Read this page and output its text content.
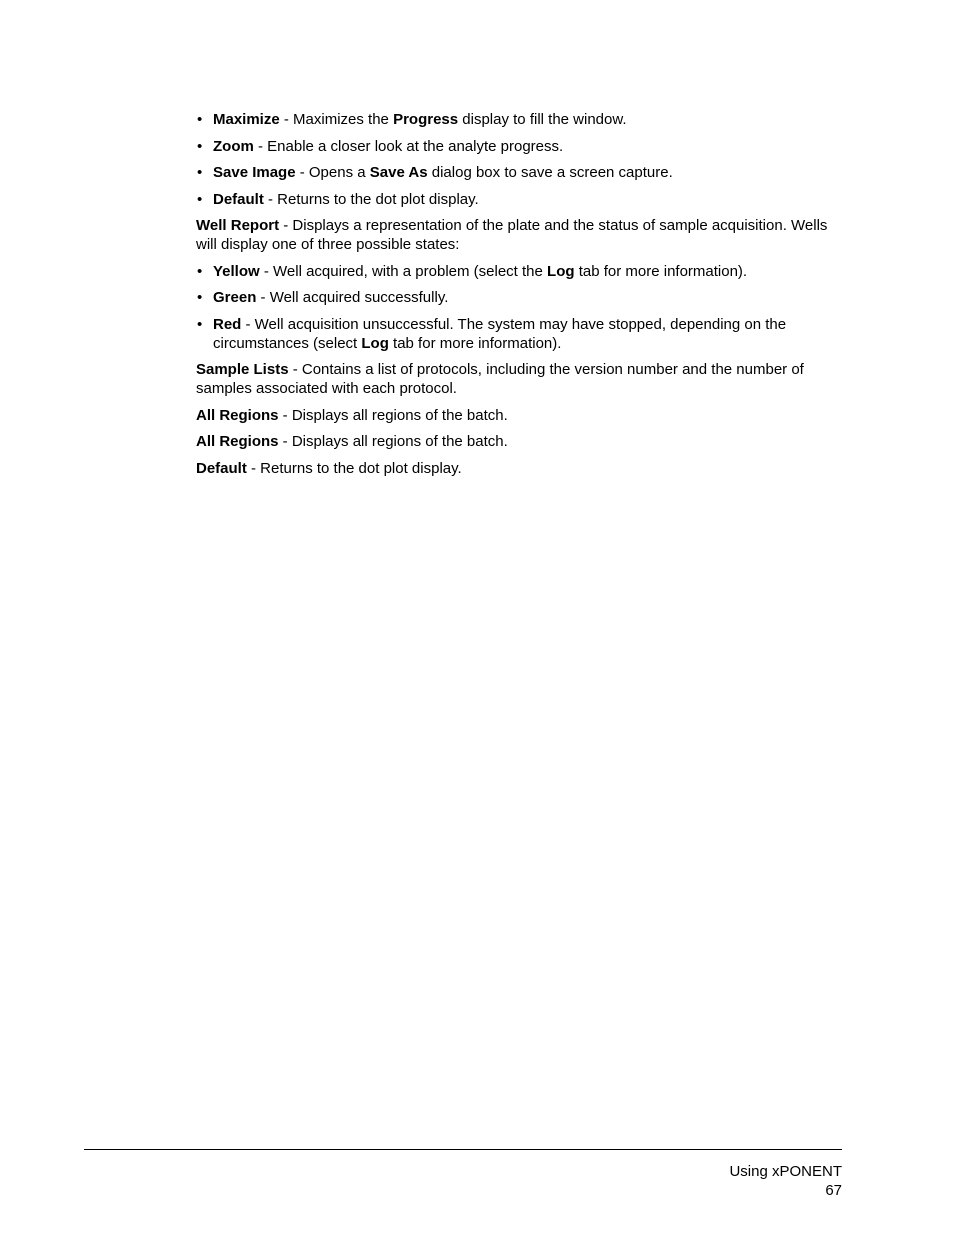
• Maximize - Maximizes the Progress display to fill the window.
• Zoom - Enable a closer look at the analyte progress.
• Save Image - Opens a Save As dialog box to save a screen capture.
• Default - Returns to the dot plot display.

Well Report - Displays a representation of the plate and the status of sample acquisition. Wells will display one of three possible states:

• Yellow - Well acquired, with a problem (select the Log tab for more information).
• Green - Well acquired successfully.
• Red - Well acquisition unsuccessful. The system may have stopped, depending on the circumstances (select Log tab for more information).

Sample Lists - Contains a list of protocols, including the version number and the number of samples associated with each protocol.

All Regions - Displays all regions of the batch.

All Regions - Displays all regions of the batch.

Default - Returns to the dot plot display.

Using xPONENT
67
